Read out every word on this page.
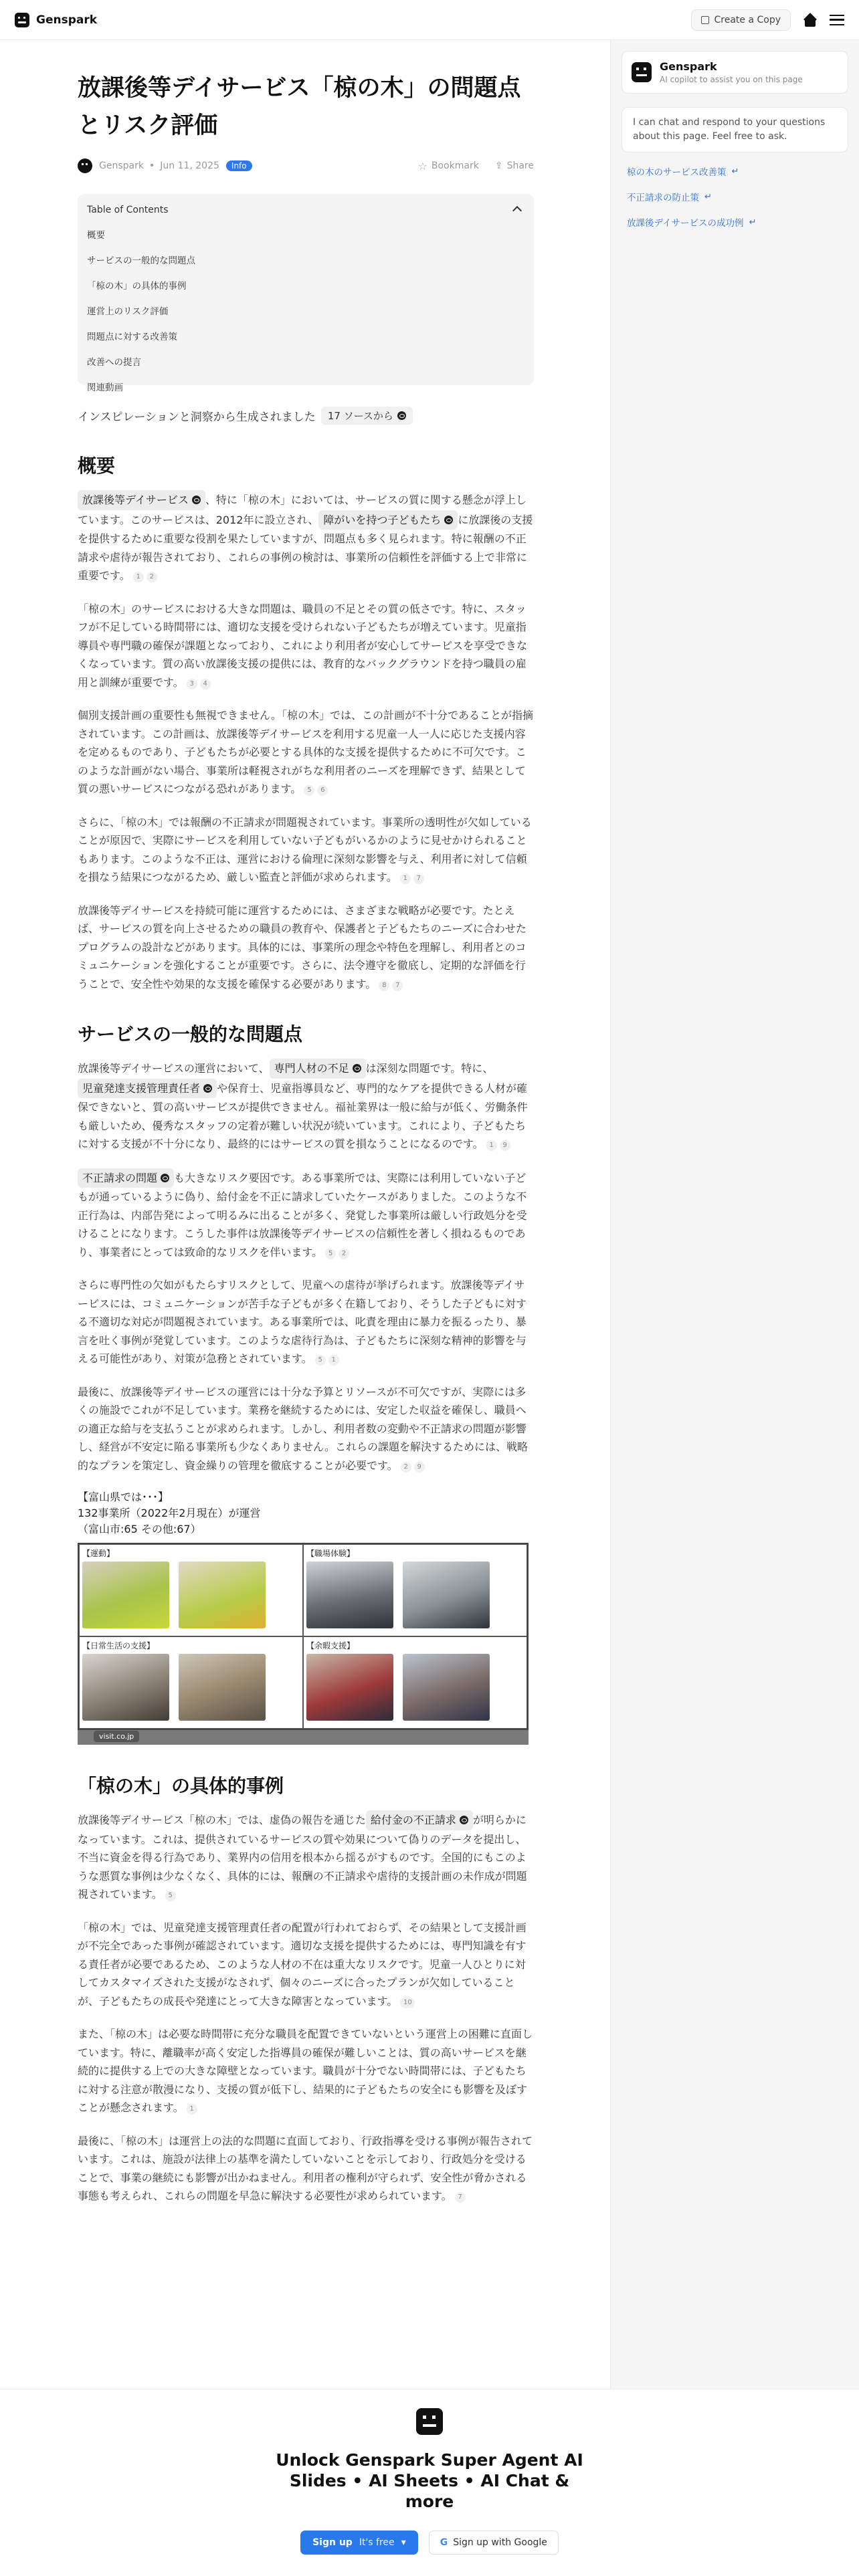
Genspark	Create a Copy
放課後等デイサービス「椋の木」の問題点とリスク評価
Genspark • Jun 11, 2025	Info	☆ Bookmark ⇪ Share
Table of Contents
概要
サービスの一般的な問題点
「椋の木」の具体的事例
運営上のリスク評価
問題点に対する改善策
改善への提言
関連動画
インスピレーションと洞察から生成されました 17 ソースから
概要

放課後等デイサービス 、特に「椋の木」においては、サービスの質に関する懸念が浮上しています。このサービスは、2012年に設立され、 障がいを持つ子どもたち に放課後の支援を提供するために重要な役割を果たしていますが、問題点も多く見られます。特に報酬の不正請求や虐待が報告されており、これらの事例の検討は、事業所の信頼性を評価する上で非常に重要です。 1 2

「椋の木」のサービスにおける大きな問題は、職員の不足とその質の低さです。特に、スタッフが不足している時間帯には、適切な支援を受けられない子どもたちが増えています。児童指導員や専門職の確保が課題となっており、これにより利用者が安心してサービスを享受できなくなっています。質の高い放課後支援の提供には、教育的なバックグラウンドを持つ職員の雇用と訓練が重要です。 3 4

個別支援計画の重要性も無視できません。「椋の木」では、この計画が不十分であることが指摘されています。この計画は、放課後等デイサービスを利用する児童一人一人に応じた支援内容を定めるものであり、子どもたちが必要とする具体的な支援を提供するために不可欠です。このような計画がない場合、事業所は軽視されがちな利用者のニーズを理解できず、結果として質の悪いサービスにつながる恐れがあります。 5 6

さらに、「椋の木」では報酬の不正請求が問題視されています。事業所の透明性が欠如していることが原因で、実際にサービスを利用していない子どもがいるかのように見せかけられることもあります。このような不正は、運営における倫理に深刻な影響を与え、利用者に対して信頼を損なう結果につながるため、厳しい監査と評価が求められます。 1 7

放課後等デイサービスを持続可能に運営するためには、さまざまな戦略が必要です。たとえば、サービスの質を向上させるための職員の教育や、保護者と子どもたちのニーズに合わせたプログラムの設計などがあります。具体的には、事業所の理念や特色を理解し、利用者とのコミュニケーションを強化することが重要です。さらに、法令遵守を徹底し、定期的な評価を行うことで、安全性や効果的な支援を確保する必要があります。 8 7

サービスの一般的な問題点

放課後等デイサービスの運営において、 専門人材の不足 は深刻な問題です。特に、
児童発達支援管理責任者 や保育士、児童指導員など、専門的なケアを提供できる人材が確保できないと、質の高いサービスが提供できません。福祉業界は一般に給与が低く、労働条件も厳しいため、優秀なスタッフの定着が難しい状況が続いています。これにより、子どもたちに対する支援が不十分になり、最終的にはサービスの質を損なうことになるのです。 1 9

不正請求の問題 も大きなリスク要因です。ある事業所では、実際には利用していない子どもが通っているように偽り、給付金を不正に請求していたケースがありました。このような不正行為は、内部告発によって明るみに出ることが多く、発覚した事業所は厳しい行政処分を受けることになります。こうした事件は放課後等デイサービスの信頼性を著しく損ねるものであり、事業者にとっては致命的なリスクを伴います。 5 2

さらに専門性の欠如がもたらすリスクとして、児童への虐待が挙げられます。放課後等デイサービスには、コミュニケーションが苦手な子どもが多く在籍しており、そうした子どもに対する不適切な対応が問題視されています。ある事業所では、叱責を理由に暴力を振るったり、暴言を吐く事例が発覚しています。このような虐待行為は、子どもたちに深刻な精神的影響を与える可能性があり、対策が急務とされています。 5 1

最後に、放課後等デイサービスの運営には十分な予算とリソースが不可欠ですが、実際には多くの施設でこれが不足しています。業務を継続するためには、安定した収益を確保し、職員への適正な給与を支払うことが求められます。しかし、利用者数の変動や不正請求の問題が影響し、経営が不安定に陥る事業所も少なくありません。これらの課題を解決するためには、戦略的なプランを策定し、資金繰りの管理を徹底することが必要です。 2 9

【富山県では･･･】
132事業所（2022年2月現在）が運営
（富山市:65 その他:67）
【運動】	【職場体験】
【日常生活の支援】	【余暇支援】
visit.co.jp
「椋の木」の具体的事例

放課後等デイサービス「椋の木」では、虚偽の報告を通じた 給付金の不正請求 が明らかになっています。これは、提供されているサービスの質や効果について偽りのデータを提出し、不当に資金を得る行為であり、業界内の信用を根本から揺るがすものです。全国的にもこのような悪質な事例は少なくなく、具体的には、報酬の不正請求や虐待的支援計画の未作成が問題視されています。 5

「椋の木」では、児童発達支援管理責任者の配置が行われておらず、その結果として支援計画が不完全であった事例が確認されています。適切な支援を提供するためには、専門知識を有する責任者が必要であるため、このような人材の不在は重大なリスクです。児童一人ひとりに対してカスタマイズされた支援がなされず、個々のニーズに合ったプランが欠如していることが、子どもたちの成長や発達にとって大きな障害となっています。 10

また、「椋の木」は必要な時間帯に充分な職員を配置できていないという運営上の困難に直面しています。特に、離職率が高く安定した指導員の確保が難しいことは、質の高いサービスを継続的に提供する上での大きな障壁となっています。職員が十分でない時間帯には、子どもたちに対する注意が散漫になり、支援の質が低下し、結果的に子どもたちの安全にも影響を及ぼすことが懸念されます。 1

最後に、「椋の木」は運営上の法的な問題に直面しており、行政指導を受ける事例が報告されています。これは、施設が法律上の基準を満たしていないことを示しており、行政処分を受けることで、事業の継続にも影響が出かねません。利用者の権利が守られず、安全性が脅かされる事態も考えられ、これらの問題を早急に解決する必要性が求められています。 7

Genspark
AI copilot to assist you on this page
I can chat and respond to your questions about this page. Feel free to ask.
椋の木のサービス改善策 ↵
不正請求の防止策 ↵
放課後デイサービスの成功例 ↵
Unlock Genspark Super Agent AI Slides • AI Sheets • AI Chat & more
Sign up It's free ▾	G Sign up with Google
